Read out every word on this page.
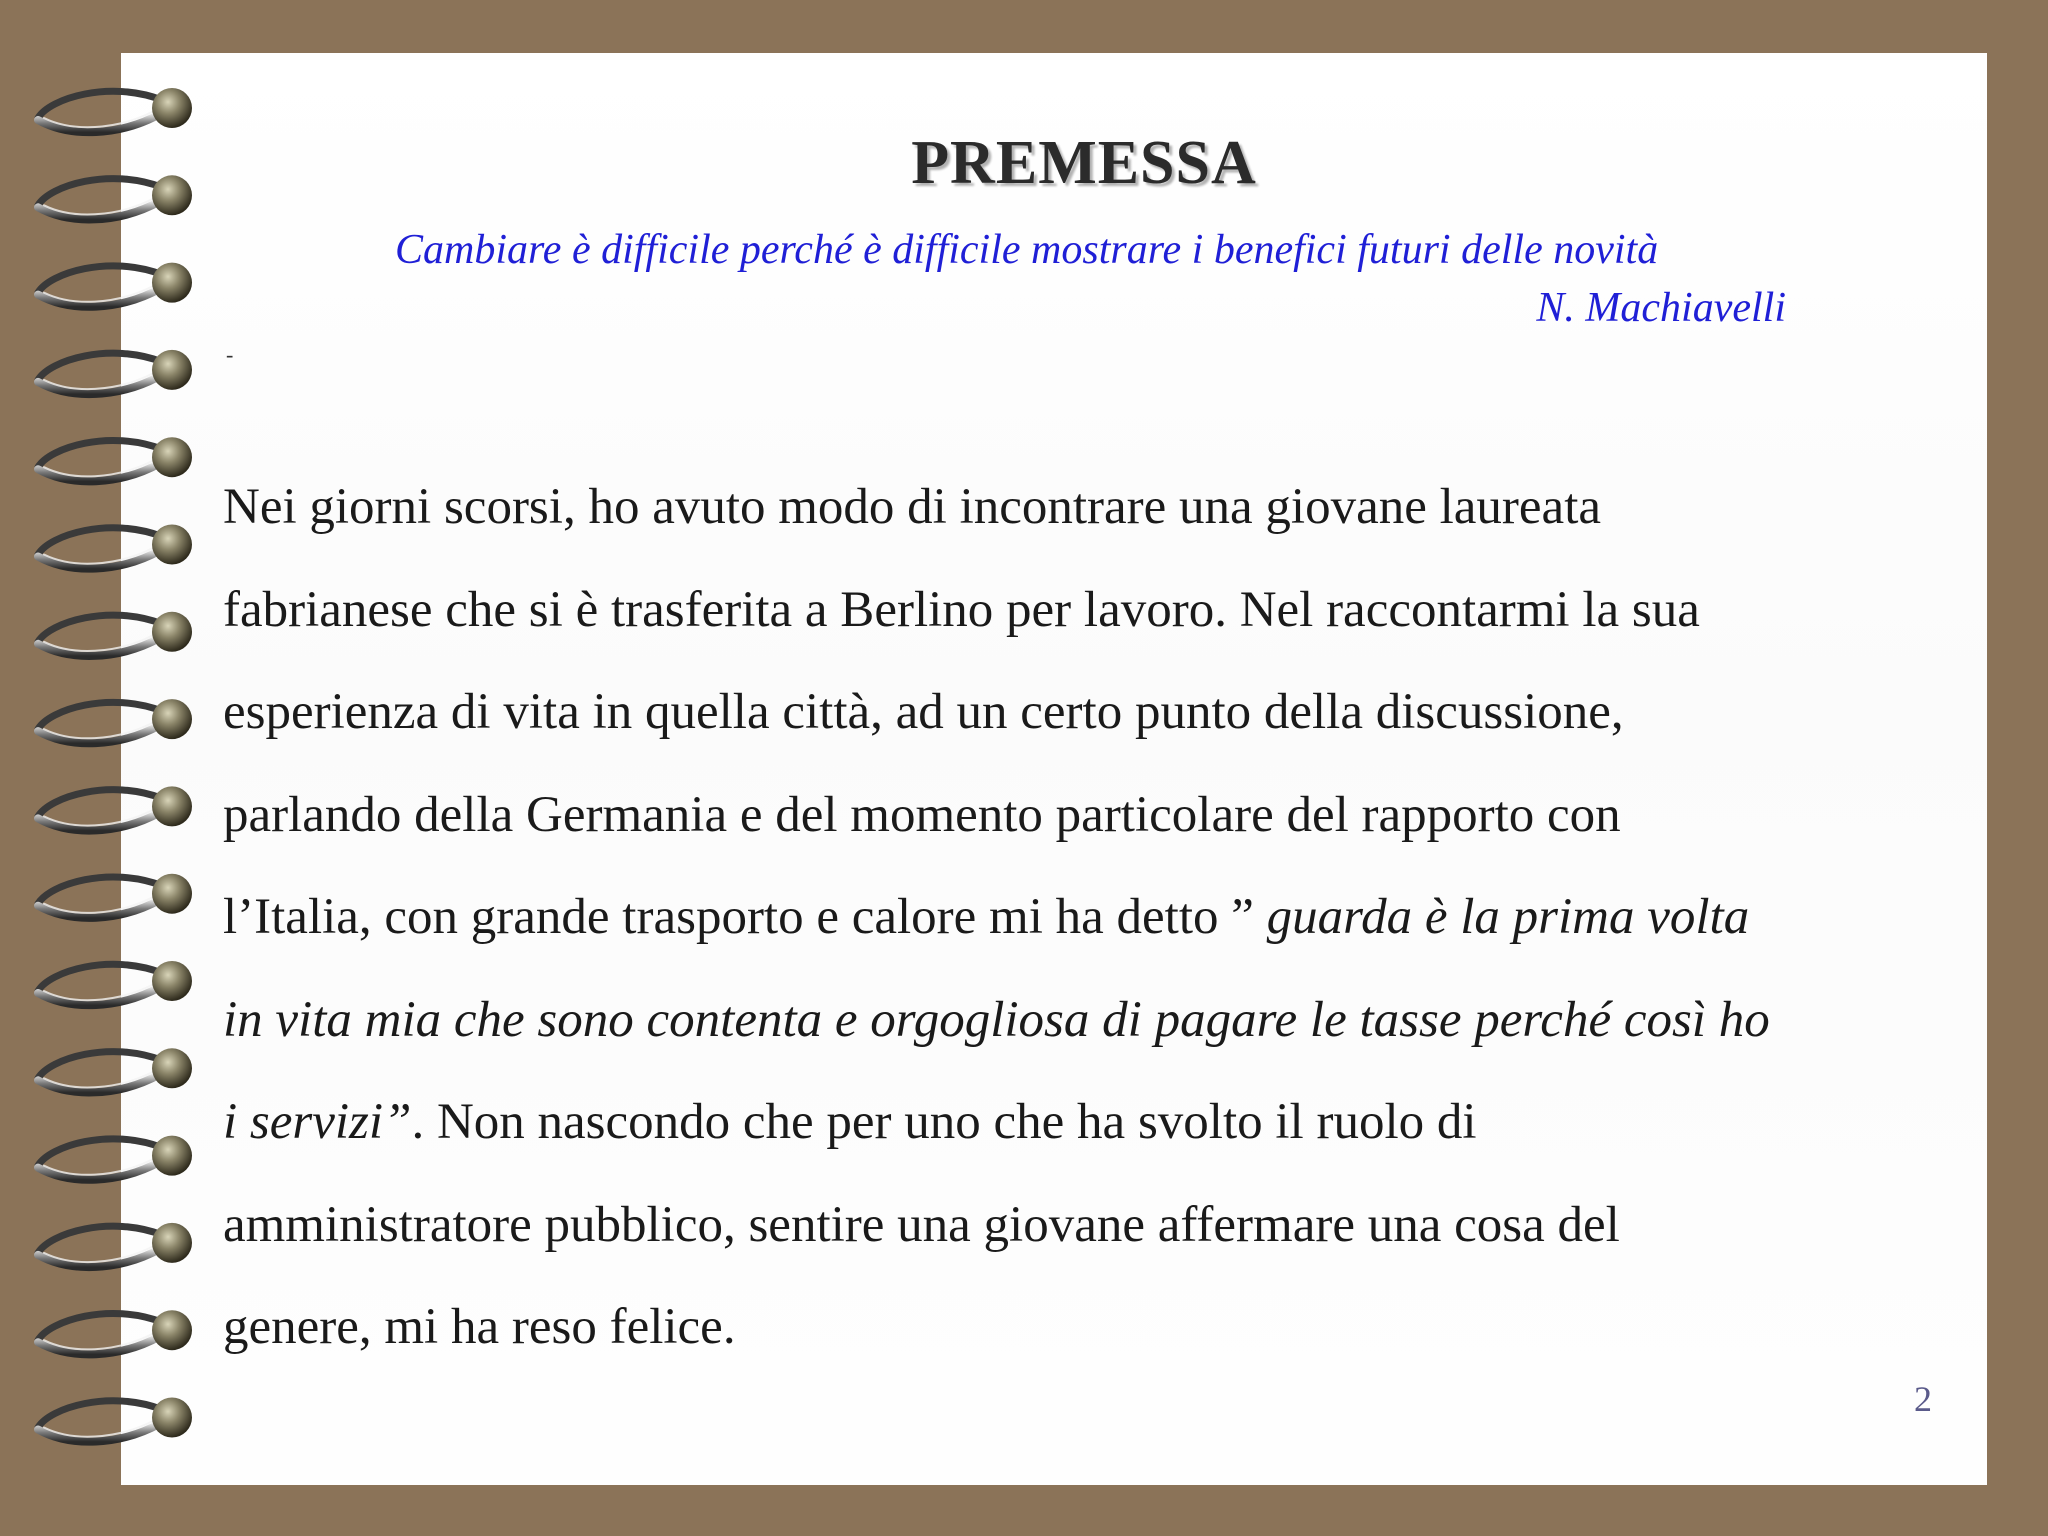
PREMESSA
Cambiare è difficile perché è difficile mostrare i benefici futuri delle novità
N. Machiavelli
-

Nei giorni scorsi, ho avuto modo di incontrare una giovane laureata
fabrianese che si è trasferita a Berlino per lavoro. Nel raccontarmi la sua
esperienza di vita in quella città, ad un certo punto della discussione,
parlando della Germania e del momento particolare del rapporto con
l’Italia, con grande trasporto e calore mi ha detto ” guarda è la prima volta
in vita mia che sono contenta e orgogliosa di pagare le tasse perché così ho
i servizi”. Non nascondo che per uno che ha svolto il ruolo di
amministratore pubblico, sentire una giovane affermare una cosa del
genere, mi ha reso felice.

2
